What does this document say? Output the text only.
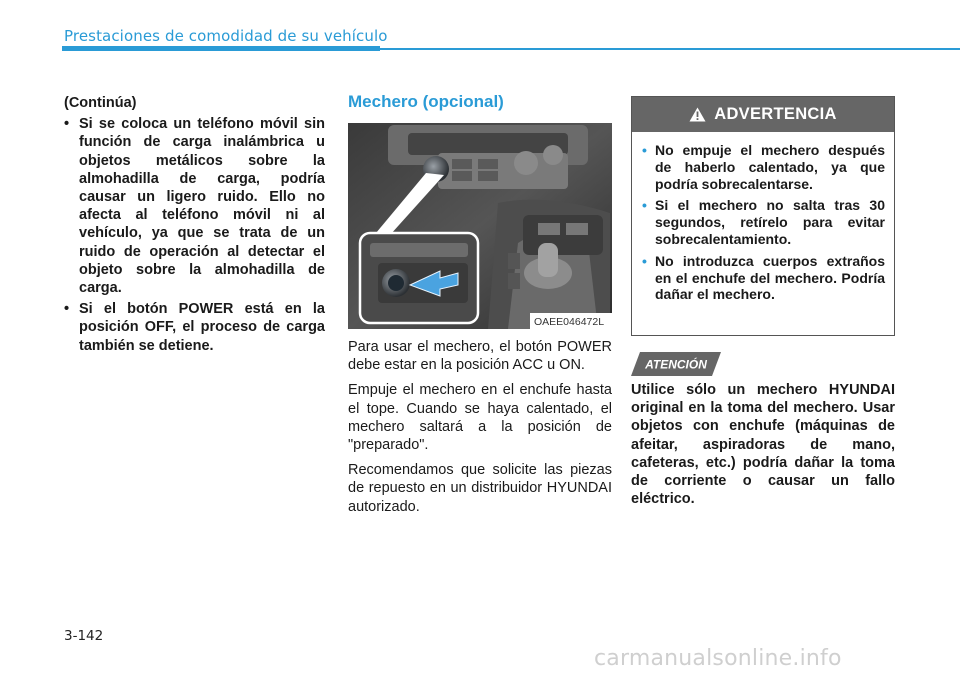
Prestaciones de comodidad de su vehículo
(Continúa)
• Si se coloca un teléfono móvil sin función de carga inalámbrica u objetos metálicos sobre la almohadilla de carga, podría causar un ligero ruido. Ello no afecta al teléfono móvil ni al vehículo, ya que se trata de un ruido de operación al detectar el objeto sobre la almohadilla de carga.
• Si el botón POWER está en la posición OFF, el proceso de carga también se detiene.
Mechero (opcional)
OAEE046472L

Para usar el mechero, el botón POWER debe estar en la posición ACC u ON.

Empuje el mechero en el enchufe hasta el tope. Cuando se haya calentado, el mechero saltará a la posición de "preparado".

Recomendamos que solicite las piezas de repuesto en un distribuidor HYUNDAI autorizado.

ADVERTENCIA
• No empuje el mechero después de haberlo calentado, ya que podría sobrecalentarse.
• Si el mechero no salta tras 30 segundos, retírelo para evitar sobrecalentamiento.
• No introduzca cuerpos extraños en el enchufe del mechero. Podría dañar el mechero.
ATENCIÓN
Utilice sólo un mechero HYUNDAI original en la toma del mechero. Usar objetos con enchufe (máquinas de afeitar, aspiradoras de mano, cafeteras, etc.) podría dañar la toma de corriente o causar un fallo eléctrico.
3-142
carmanualsonline.info
